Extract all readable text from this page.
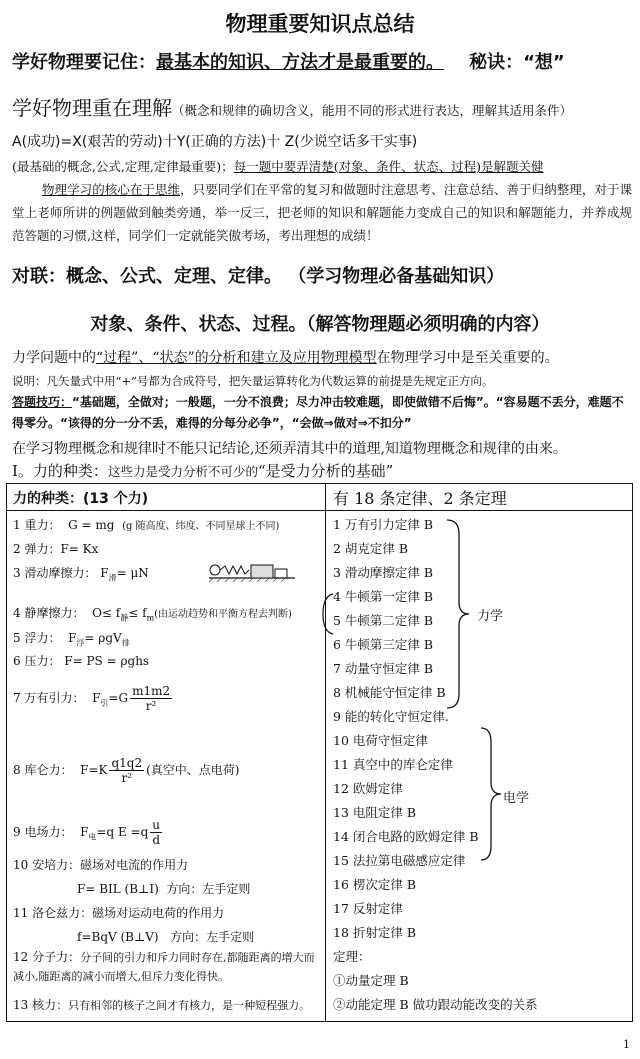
物理重要知识点总结
学好物理要记住：最基本的知识、方法才是最重要的。 秘诀：“想”
学好物理重在理解（概念和规律的确切含义，能用不同的形式进行表达，理解其适用条件）
A(成功)=X(艰苦的劳动)十Y(正确的方法)十 Z(少说空话多干实事)
(最基础的概念,公式,定理,定律最重要)；每一题中要弄清楚(对象、条件、状态、过程)是解题关健
物理学习的核心在于思维，只要同学们在平常的复习和做题时注意思考、注意总结、善于归纳整理，对于课堂上老师所讲的例题做到触类旁通，举一反三，把老师的知识和解题能力变成自己的知识和解题能力，并养成规范答题的习惯,这样，同学们一定就能笑傲考场，考出理想的成绩！
对联：概念、公式、定理、定律。 （学习物理必备基础知识）
对象、条件、状态、过程。（解答物理题必须明确的内容）
力学问题中的“过程”、“状态”的分析和建立及应用物理模型在物理学习中是至关重要的。
说明：凡矢量式中用“+”号都为合成符号，把矢量运算转化为代数运算的前提是先规定正方向。
答题技巧：“基础题，全做对；一般题，一分不浪费；尽力冲击较难题，即使做错不后悔”。“容易题不丢分，难题不得零分。“该得的分一分不丢，难得的分每分必争”，“会做⇒做对⇒不扣分”
在学习物理概念和规律时不能只记结论,还须弄清其中的道理,知道物理概念和规律的由来。
Ⅰ。力的种类：这些力是受力分析不可少的“是受力分析的基础”
力的种类：(13 个力)	有 18 条定律、2 条定理
1 重力： G = mg (g 随高度、纬度、不同星球上不同)
2 弹力：F= Kx
3 滑动摩擦力： $F_滑= \mu N$
4 静摩擦力： $O\le f_静\le f_m$(由运动趋势和平衡方程去判断)
5 浮力： $F_浮= \rho gV_排$
6 压力： F= PS = ρghs
7 万有引力： $F_引=G \frac{m1m2}{\text{r²}}$
8 库仑力： $F=K \frac{q1q2}{\text{r²}}$ (真空中、点电荷)
9 电场力： $F_电=q$ $E =q \frac{u}{d}$
10 安培力：磁场对电流的作用力
F= BIL (B⊥I) 方向：左手定则
11 洛仑兹力：磁场对运动电荷的作用力
f=BqV (B⊥V) 方向：左手定则
12 分子力：分子间的引力和斥力同时存在,都随距离的增大而减小,随距离的减小而增大,但斥力变化得快。
13 核力：只有相邻的核子之间才有核力，是一种短程强力。
1 万有引力定律 B
2 胡克定律 B
3 滑动摩擦定律 B
4 牛顿第一定律 B
5 牛顿第二定律 B
6 牛顿第三定律 B
7 动量守恒定律 B
8 机械能守恒定律 B
9 能的转化守恒定律.
10 电荷守恒定律
11 真空中的库仑定律
12 欧姆定律
13 电阻定律 B
14 闭合电路的欧姆定律 B
15 法拉第电磁感应定律
16 楞次定律 B
17 反射定律
18 折射定律 B
定理：
①动量定理 B
②动能定理 B 做功跟动能改变的关系
力学
电学
1
